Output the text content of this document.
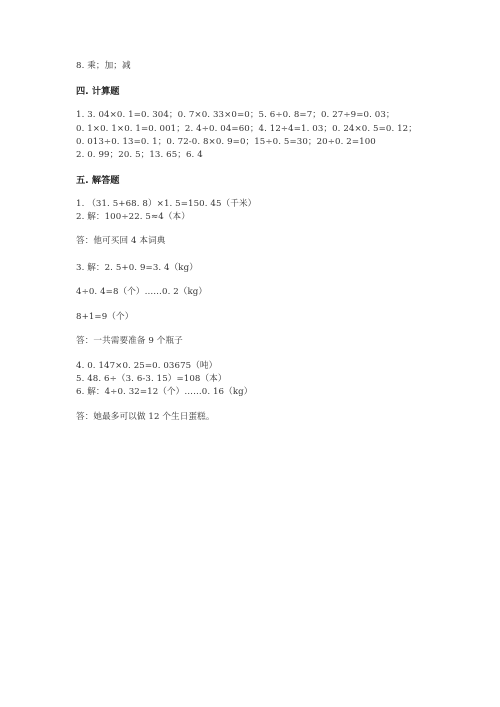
8. 乘；加；减
四. 计算题
1. 3. 04×0. 1=0. 304；0. 7×0. 33×0=0；5. 6÷0. 8=7；0. 27÷9=0. 03；
0. 1×0. 1×0. 1=0. 001；2. 4÷0. 04=60；4. 12÷4=1. 03；0. 24×0. 5=0. 12；
0. 013÷0. 13=0. 1；0. 72-0. 8×0. 9=0；15÷0. 5=30；20÷0. 2=100
2. 0. 99；20. 5；13. 65；6. 4
五. 解答题
1. （31. 5+68. 8）×1. 5=150. 45（千米）
2. 解：100÷22. 5≈4（本）
答：他可买回 4 本词典
3. 解：2. 5+0. 9=3. 4（kg）
4÷0. 4=8（个）……0. 2（kg）
8+1=9（个）
答：一共需要准备 9 个瓶子
4. 0. 147×0. 25=0. 03675（吨）
5. 48. 6÷（3. 6-3. 15）=108（本）
6. 解：4÷0. 32=12（个）……0. 16（kg）
答：她最多可以做 12 个生日蛋糕。
